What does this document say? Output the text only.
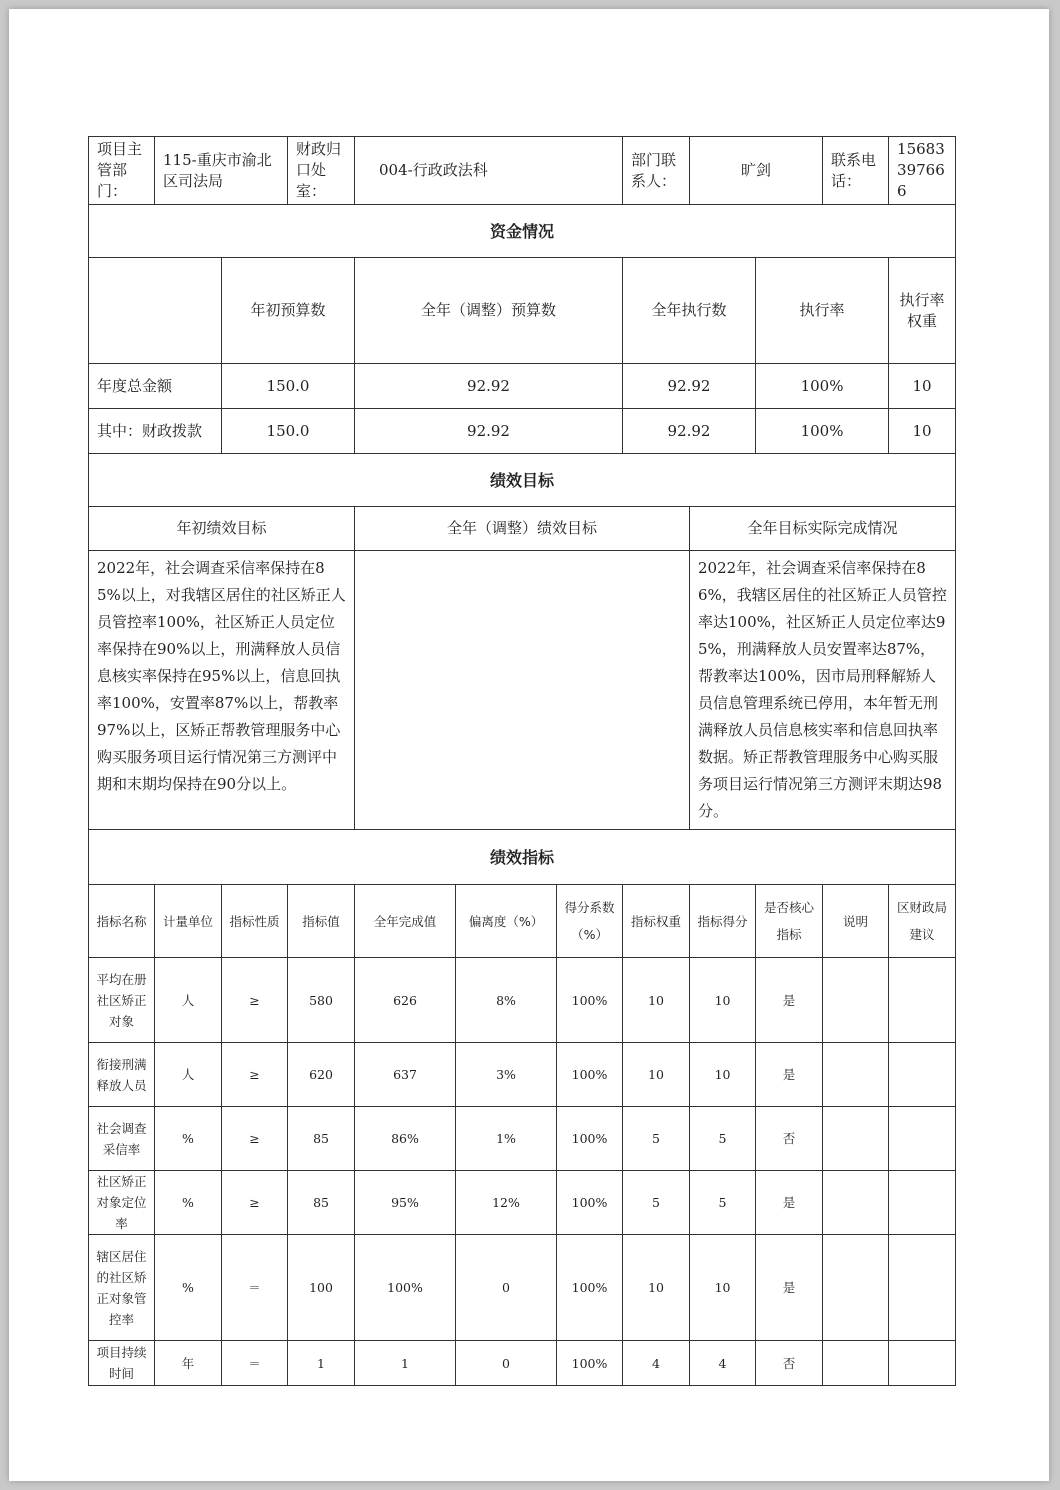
项目主管部门：	115-重庆市渝北区司法局		财政归口处室：	004-行政政法科			部门联系人：	旷剑		联系电话：	15683397666	
资金情况												
		年初预算数		全年（调整）预算数			全年执行数		执行率		执行率权重	
年度总金额		150.0		92.92			92.92		100%		10	
其中：财政拨款		150.0		92.92			92.92		100%		10	
绩效目标												
年初绩效目标				全年（调整）绩效目标				全年目标实际完成情况				
2022年，社会调查采信率保持在85%以上，对我辖区居住的社区矫正人员管控率100%，社区矫正人员定位率保持在90%以上，刑满释放人员信息核实率保持在95%以上，信息回执率100%，安置率87%以上，帮教率97%以上，区矫正帮教管理服务中心购买服务项目运行情况第三方测评中期和末期均保持在90分以上。								2022年，社会调查采信率保持在86%，我辖区居住的社区矫正人员管控率达100%，社区矫正人员定位率达95%，刑满释放人员安置率达87%，帮教率达100%，因市局刑释解矫人员信息管理系统已停用，本年暂无刑满释放人员信息核实率和信息回执率数据。矫正帮教管理服务中心购买服务项目运行情况第三方测评末期达98分。				
绩效指标												
指标名称	计量单位	指标性质	指标值	全年完成值	偏离度（%）	得分系数（%）	指标权重	指标得分	是否核心指标	说明	区财政局建议	
平均在册社区矫正对象	人	≥	580	626	8%	100%	10	10	是			
衔接刑满释放人员	人	≥	620	637	3%	100%	10	10	是			
社会调查采信率	%	≥	85	86%	1%	100%	5	5	否			
社区矫正对象定位率	%	≥	85	95%	12%	100%	5	5	是			
辖区居住的社区矫正对象管控率	%	＝	100	100%	0	100%	10	10	是			
项目持续时间	年	＝	1	1	0	100%	4	4	否			
